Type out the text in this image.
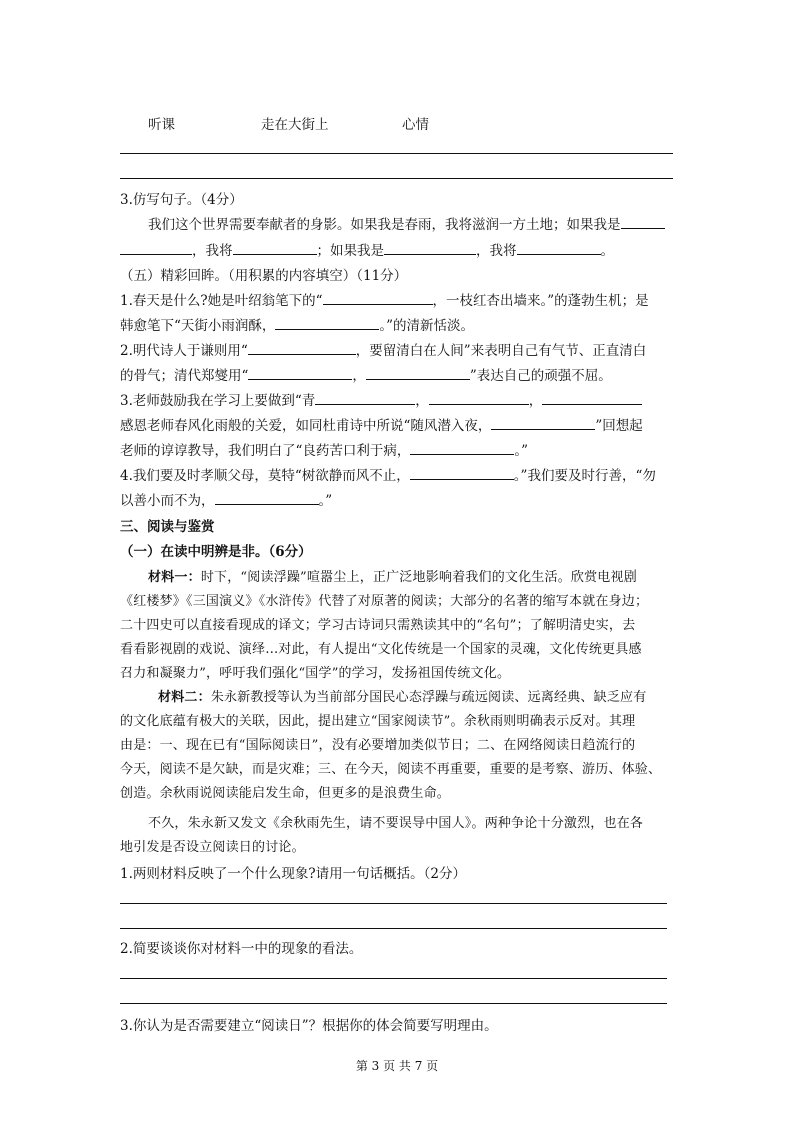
听课	走在大街上	心情
3.仿写句子。（4分）
我们这个世界需要奉献者的身影。如果我是春雨，我将滋润一方土地；如果我是
，我将	；如果我是	，我将	。
（五）精彩回眸。（用积累的内容填空）（11分）
1.春天是什么?她是叶绍翁笔下的“	，一枝红杏出墙来。”的蓬勃生机；是
韩愈笔下“天街小雨润酥，	。”的清新恬淡。
2.明代诗人于谦则用“	，要留清白在人间”来表明自己有气节、正直清白
的骨气；清代郑燮用“	，	”表达自己的顽强不屈。
3.老师鼓励我在学习上要做到“青	，	，
感恩老师春风化雨般的关爱，如同杜甫诗中所说“随风潜入夜，	”回想起
老师的谆谆教导，我们明白了“良药苦口利于病，	。”
4.我们要及时孝顺父母，莫特“树欲静而风不止，	。”我们要及时行善，“勿
以善小而不为，	。”
三、阅读与鉴赏
（一）在读中明辨是非。（6分）
材料一：时下，“阅读浮躁”喧嚣尘上，正广泛地影响着我们的文化生活。欣赏电视剧
《红楼梦》《三国演义》《水浒传》代替了对原著的阅读；大部分的名著的缩写本就在身边；
二十四史可以直接看现成的译文；学习古诗词只需熟读其中的“名句”；了解明清史实，去
看看影视剧的戏说、演绎…对此，有人提出“文化传统是一个国家的灵魂，文化传统更具感
召力和凝聚力”，呼吁我们强化“国学”的学习，发扬祖国传统文化。
材料二：朱永新教授等认为当前部分国民心态浮躁与疏远阅读、远离经典、缺乏应有
的文化底蕴有极大的关联，因此，提出建立“国家阅读节”。余秋雨则明确表示反对。其理
由是：一、现在已有“国际阅读日”，没有必要增加类似节日；二、在网络阅读日趋流行的
今天，阅读不是欠缺，而是灾难；三、在今天，阅读不再重要，重要的是考察、游历、体验、
创造。余秋雨说阅读能启发生命，但更多的是浪费生命。
不久，朱永新又发文《余秋雨先生，请不要误导中国人》。两种争论十分激烈，也在各
地引发是否设立阅读日的讨论。
1.两则材料反映了一个什么现象?请用一句话概括。（2分）
2.简要谈谈你对材料一中的现象的看法。
3.你认为是否需要建立“阅读日”？根据你的体会简要写明理由。
第 3 页 共 7 页
